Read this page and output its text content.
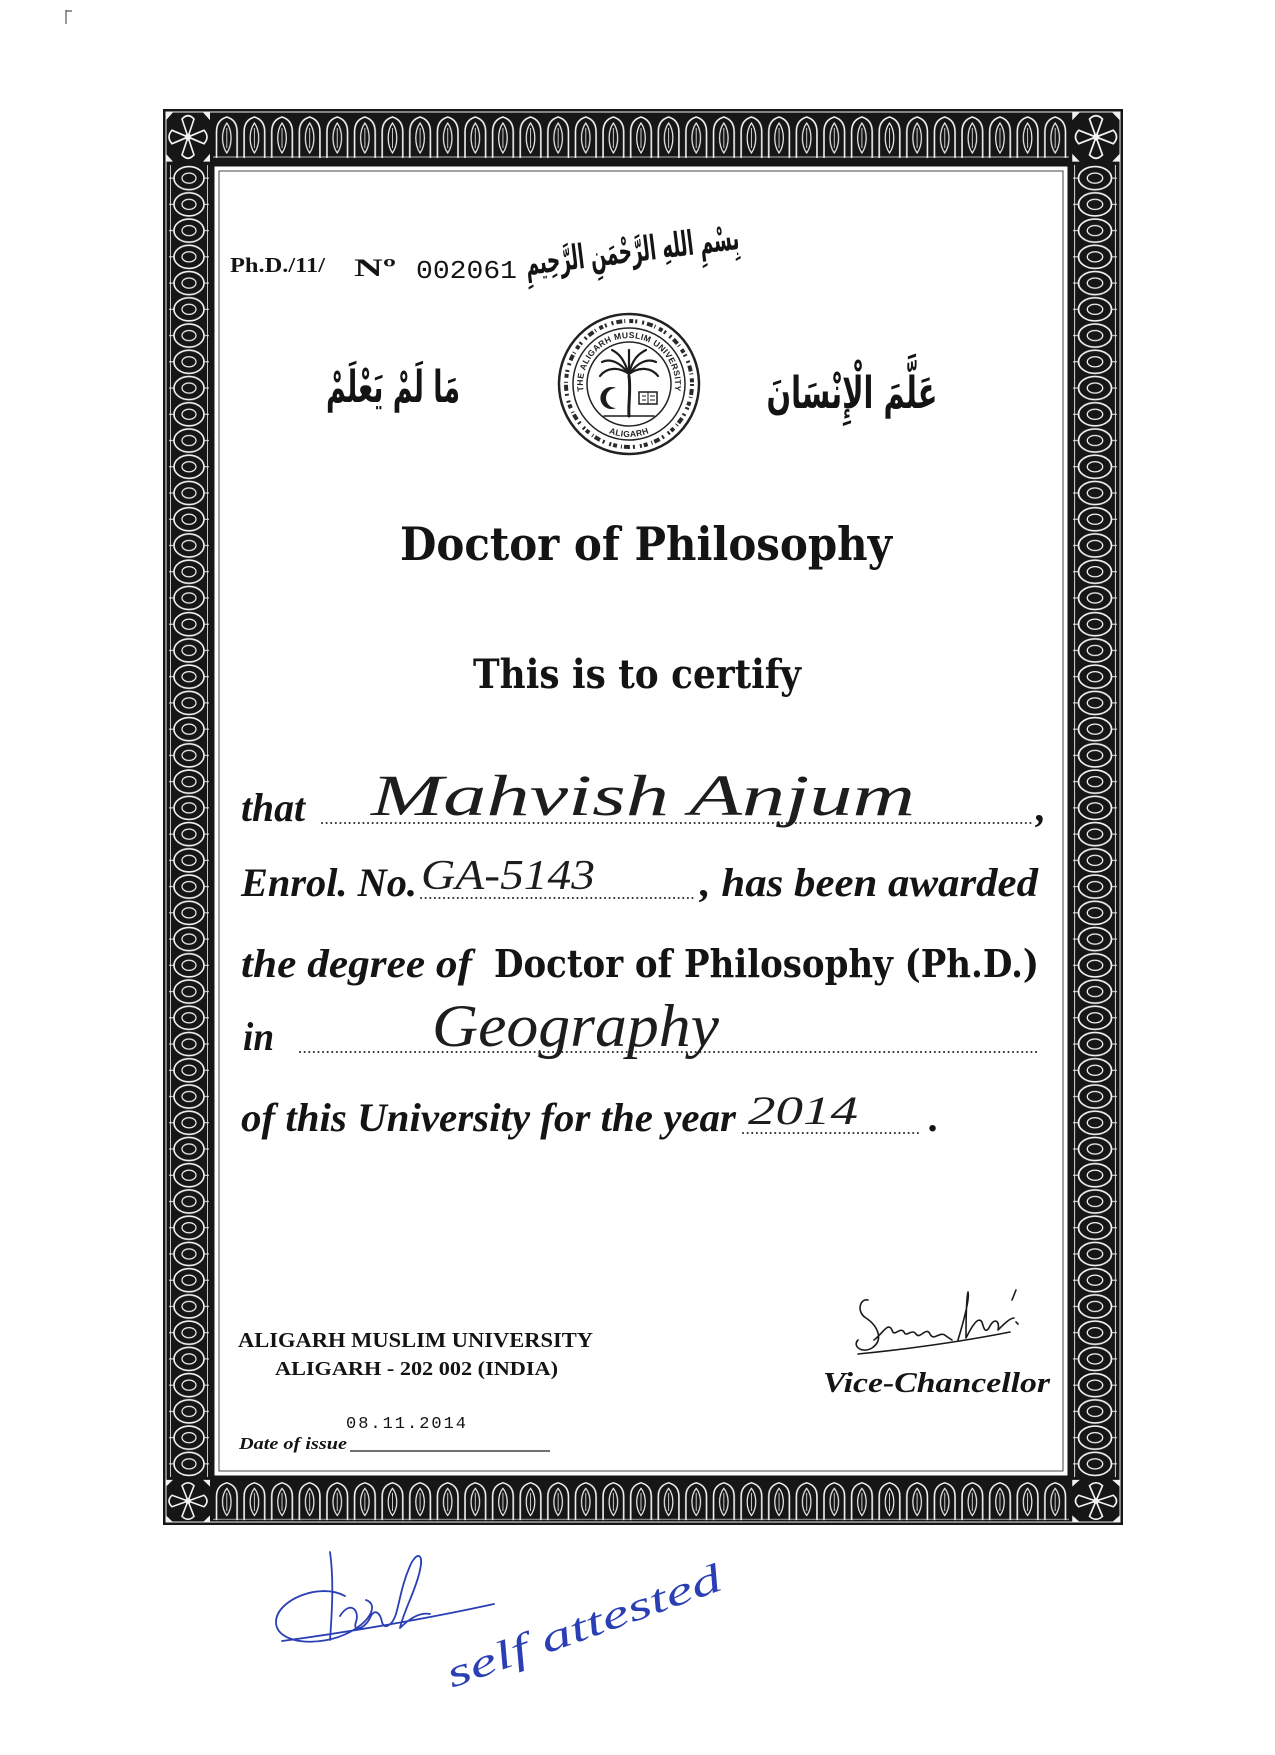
Ph.D./11/ Nº 002061 بِسْمِ اللهِ الرَّحْمَنِ الرَّحِيمِ
مَا لَمْ يَعْلَمْ	عَلَّمَ الْإِنْسَانَ
THE ALIGARH MUSLIM UNIVERSITY
ALIGARH
Doctor of Philosophy
This is to certify
that Mahvish Anjum	,
Enrol. No. GA-5143	, has been awarded
the degree of Doctor of Philosophy (Ph.D.)
in	Geography
of this University for the year 2014 .
ALIGARH MUSLIM UNIVERSITY
ALIGARH - 202 002 (INDIA)
08.11.2014
Date of issue
Vice-Chancellor
self attested
